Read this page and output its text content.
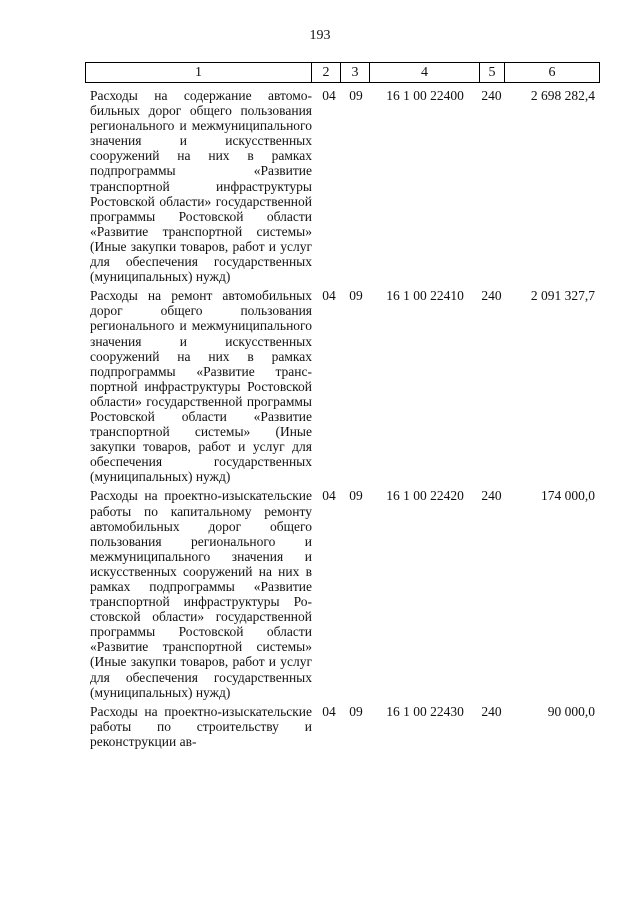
193
1	2	3	4	5	6
Расходы на содержание автомобильных дорог общего пользования регионального и межмуниципального значения и искусственных сооружений на них в рамках подпрограммы «Развитие транспортной инфраструктуры Ростовской области» государственной программы Ростовской области «Развитие транспортной системы» (Иные закупки товаров, работ и услуг для обеспечения государственных (муниципальных) нужд)
04	09	16 1 00 22400	240	2 698 282,4
Расходы на ремонт автомобильных дорог общего пользования регионального и межмуниципального значения и искусственных сооружений на них в рамках подпрограммы «Развитие транспортной инфраструктуры Ростовской области» государственной программы Ростовской области «Развитие транспортной системы» (Иные закупки товаров, работ и услуг для обеспечения государственных (муниципальных) нужд)
04	09	16 1 00 22410	240	2 091 327,7
Расходы на проектно-изыскательские работы по капитальному ремонту автомобильных дорог общего пользования регионального и межмуниципального значения и искусственных сооружений на них в рамках подпрограммы «Развитие транспортной инфраструктуры Ростовской области» государственной программы Ростовской области «Развитие транспортной системы» (Иные закупки товаров, работ и услуг для обеспечения государственных (муниципальных) нужд)
04	09	16 1 00 22420	240	174 000,0
Расходы на проектно-изыскательские работы по строительству и реконструкции ав-
04	09	16 1 00 22430	240	90 000,0
